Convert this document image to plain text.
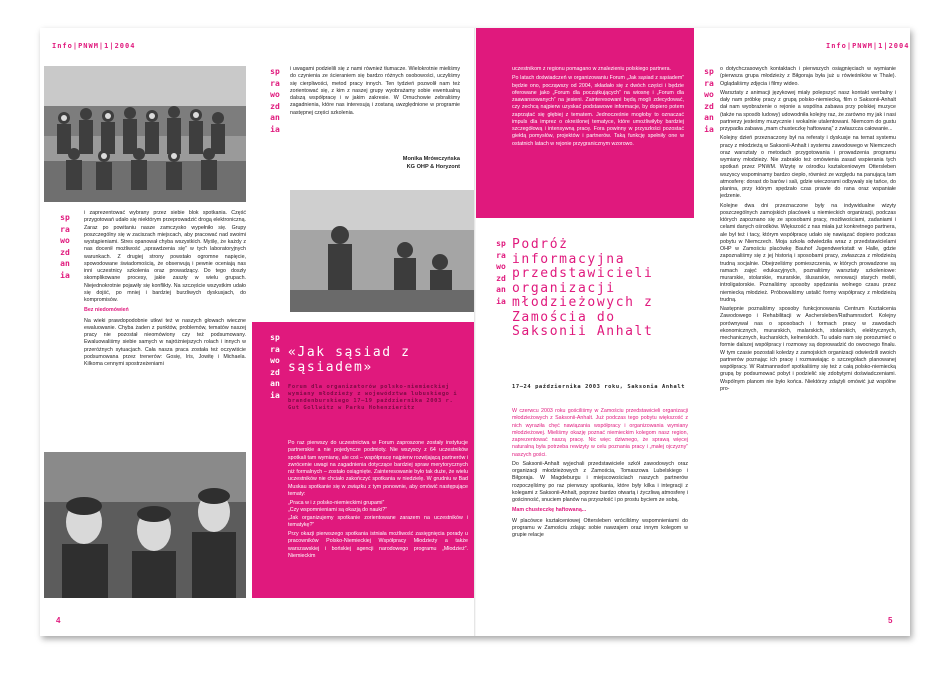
Info|PNWM|1|2004	Info|PNWM|1|2004
sprawozdania

i zaprezentować wybrany przez siebie blok spotkania. Część przygotowań udało się niektórym przeprowadzić drogą elektroniczną. Zaraz po powitaniu nasze zamczysko wypełniło się. Grupy poszczególny się w zaciszach miejscach, aby pracować nad swoimi wystąpieniami. Stres opanował chyba wszystkich. Myślę, że każdy z nas docenił możliwość „sprawdzenia się” w tych laboratoryjnych warunkach. Z drugiej strony powstało ogromne napięcie, spowodowane świadomością, że obserwują i pewnie oceniają nas inni uczestnicy szkolenia oraz prowadzący. Do tego doszły skomplikowane procesy, jakie zaszły w wielu grupach. Niejednokrotnie pojawiły się konflikty. Na szczęście wszystkim udało się dojść, po mniej i bardziej burzliwych dyskusjach, do kompromisów.

Bez niedomówień

Na wieki prawdopodobnie utkwi też w naszych głowach wieczne ewaluowanie. Chyba żaden z punktów, problemów, tematów naszej pracy nie pozostał nieomówiony czy też podsumowany. Ewaluowaliśmy siebie samych w najróżniejszych rolach i innych w przeróżnych sytuacjach. Cała nasza praca została też oczywiście podsumowana przez trenerów: Gosię, Iris, Jowitę i Michaela. Kilkoma cennymi spostrzeżeniami

sprawozdania

i uwagami podzielili się z nami również tłumacze. Wielokrotnie mieliśmy do czynienia ze ścieraniem się bardzo różnych osobowości, uczyliśmy się cierpliwości, metod pracy innych. Ten tydzień pozwolił nam też zorientować się, z kim z naszej grupy wyobrażamy sobie ewentualną dalszą współpracę i w jakim zakresie. W Ornuchowie zebraliśmy zagadnienia, które nas interesują i zostaną uwzględnione w programie następnej części szkolenia.

Monika Mrówczyńska
KG OHP & Horyzont
sprawozdania
«Jak sąsiad z sąsiadem»
Forum dla organizatorów polsko-niemieckiej wymiany młodzieży z województwa lubuskiego i brandenburskiego 17–19 października 2003 r. Gut Gollwitz w Parku Hohenzieritz

Po raz pierwszy do uczestnictwa w Forum zaproszone zostały instytucje partnerskie a nie pojedyncze podmioty. Nie wszyscy z 64 uczestników spotkali tam wymianę, ale coś – współpracę najpierw rozwijającą partnerów i zwrócenie uwagi na zagadnienia dotyczące bardziej spraw merytorycznych niż formalnych – zostało osiągnięte. Zainteresowanie było tak duże, że wielu uczestników nie chciało zakończyć spotkania w niedzielę. W grudniu w Bad Muskau spotkanie się w związku z tym ponownie, aby omówić następujące tematy:

„Praca w i z polsko-niemieckimi grupami”

„Czy wspomnieniami są okazją do nauki?”

„Jak organizujemy spotkanie zorientowane zarazem na uczestników i tematykę?”

Przy okazji pierwszego spotkania istniała możliwość zasięgnięcia porady u pracowników Polsko-Niemieckiej Współpracy Młodzieży a także warszawskiej i bońskiej agencji narodowego programu „Młodzież”. Niemieckim

4

uczestnikom z regionu pomagano w znalezieniu polskiego partnera.

Po latach doświadczeń w organizowaniu Forum „Jak sąsiad z sąsiadem” będzie ono, począwszy od 2004, składało się z dwóch części i będzie oferowane jako „Forum dla początkujących” na wiosnę i „Forum dla zaawansowanych” na jesieni. Zainteresowani będą mogli zdecydować, czy zechcą najpierw uzyskać podstawowe informacje, by dopiero potem zaprzątać się głębiej z tematem. Jednocześnie mogłoby to oznaczać impuls dla imprez o określonej tematyce, które umożliwiłyby bardziej szczegółową i intensywną pracę. Fora powinny w przyszłości pozostać giełdą pomysłów, projektów i partnerów. Taką funkcję spełniły one w ostatnich latach w rejonie przygranicznym wzorowo.

sprawozdania
Podróż informacyjna przedstawicieli organizacji młodzieżowych z Zamościa do Saksonii Anhalt
17–24 października 2003 roku, Saksonia Anhalt

W czerwcu 2003 roku gościliśmy w Zamościu przedstawicieli organizacji młodzieżowych z Saksonii-Anhalt. Już podczas tego pobytu większość z nich wyraziła chęć nawiązania współpracy i organizowania wymiany młodzieżowej. Mieliśmy okazję poznać niemieckim kolegom nasz region, zaprezentować naszą pracę. Nic więc dziwnego, że sprawą więcej naturalną była potrzeba rewizyty w celu poznania pracy i „małej ojczyzny” naszych gości.

Do Saksonii-Anhalt wyjechali przedstawiciele szkół zawodowych oraz organizacji młodzieżowych z Zamościa, Tomaszowa Lubelskiego i Biłgoraja. W Magdeburgu i miejscowościach naszych partnerów rozpoczęliśmy po raz pierwszy spotkania, które były kilka i integracji z kolegami z Saksonii-Anhalt, poprzez bardzo otwartą i życzliwą atmosferę i gościnność, snuciem planów na przyszłość i po prostu byciem ze sobą.

Mam chusteczkę haftowaną...

W placówce kształceniowej Ottersleben wróciliśmy wspomnieniami do programu w Zamościu zdając sobie nawzajem oraz innym kolegom w grupie relacje

sprawozdania

o dotychczasowych kontaktach i pierwszych osiągnięciach w wymianie (pierwsza grupa młodzieży z Biłgoraja była już u rówieśników w Thale). Oglądaliśmy zdjęcia i filmy wideo.

Warsztaty z animacji językowej miały polepszyć nasz kontakt werbalny i dały nam próbkę pracy z grupą polsko-niemiecką, film o Saksonii-Anhalt dał nam wyobrażenie o rejonie a wspólna zabawa przy polskiej muzyce (także na sposób ludowy) udowodniła kolejny raz, że zarówno my jak i nasi partnerzy jesteśmy muzycznie i wokalnie utalentowani. Niemcom do gustu przypadła zabawa „mam chusteczkę haftowaną” z zwłaszcza całowanie...

Kolejny dzień przeznaczony był na referaty i dyskusje na temat systemu pracy z młodzieżą w Saksonii-Anhalt i systemu zawodowego w Niemczech oraz warsztaty o metodach przygotowania i prowadzenia programu wymiany młodzieży. Nie zabrakło też omówienia zasad wspierania tych spotkań przez PNWM. Wizytę w ośrodku kształceniowym Ottersleben wszyscy wspominamy bardzo ciepło, również ze względu na panującą tam atmosferę: dorast do barów i sali, gdzie wieczorami odbywały się tańce, do planina, przy którym spędzało czas prawie do rana oraz wspaniałe jedzenie.

Kolejne dwa dni przeznaczone były na indywidualne wizyty poszczególnych zamojskich placówek u niemieckich organizacji, podczas których zapoznano się ze sposobami pracy, możliwościami, zadaniami i celami danych ośrodków. Większość z nas miała już konkretnego partnera, ale był też i tacy, którym współpracę udało się nawiązać dopiero podczas pobytu w Niemczech. Moja szkoła odwiedziła wraz z przedstawicielami OHP w Zamościu placówkę Bauhof Jugendwerkstatt w Halle, gdzie zapoznaliśmy się z jej historią i sposobami pracy, zwłaszcza z młodzieżą trudną socjalnie. Obejrzeliśmy pomieszczenia, w których prowadzone są ramach zajęć edukacyjnych, poznaliśmy warsztaty szkoleniowe: murarskie, stolarskie, murarskie, ślusarskie, renowacji starych mebli, introligatorskie. Poznaliśmy sposoby spędzania wolnego czasu przez niemiecką młodzież. Próbowaliśmy ustalić formy współpracy z młodzieżą trudną.

Następnie poznaliśmy sposoby funkcjonowania Centrum Kształcenia Zawodowego i Rehabilitacji w Aschersleben/Rathamnsdorf. Kolejny porównywał nas o sposobach i formach pracy w zawodach ekonomicznych, murarskich, malarskich, stolarskich, elektrycznych, mechanicznych, kucharskich, kelnerskich. Tu udało nam się porozumieć o formie dalszej współpracy i rozmowy są doprowadzić do owocnego finału. W tym czasie pozostali koledzy z zamojskich organizacji odwiedzili swoich partnerów poznając ich pracę i rozmawiając o szczegółach planowanej współpracy. W Ratmannsdorf spotkaliśmy się też z całą polsko-niemiecką grupą by podsumować pobyt i podzielić się zdobytymi doświadczeniami. Wspólnym planom nie było końca. Niektórzy zdążyli omówić już wspólne pro-

5
